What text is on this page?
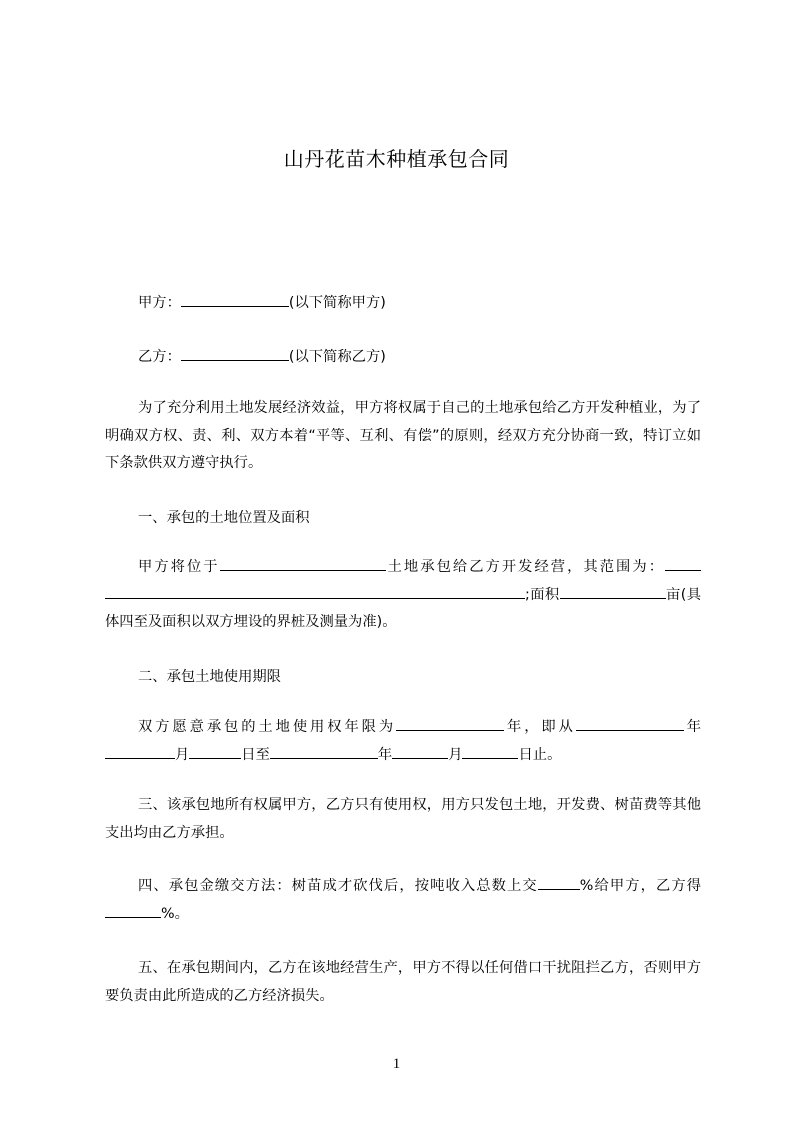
山丹花苗木种植承包合同
甲方：	(以下简称甲方)
乙方：	(以下简称乙方)
为了充分利用土地发展经济效益，甲方将权属于自己的土地承包给乙方开发种植业，为了明确双方权、责、利、双方本着“平等、互利、有偿”的原则，经双方充分协商一致，特订立如下条款供双方遵守执行。
一、承包的土地位置及面积
甲方将位于	土地承包给乙方开发经营，其范围为：;面积	亩(具体四至及面积以双方埋设的界桩及测量为准)。
二、承包土地使用期限
双方愿意承包的土地使用权年限为	年，即从	年月	日至	年	月	日止。
三、该承包地所有权属甲方，乙方只有使用权，用方只发包土地，开发费、树苗费等其他支出均由乙方承担。
四、承包金缴交方法：树苗成才砍伐后，按吨收入总数上交	%给甲方，乙方得%。
五、在承包期间内，乙方在该地经营生产，甲方不得以任何借口干扰阻拦乙方，否则甲方要负责由此所造成的乙方经济损失。
1
